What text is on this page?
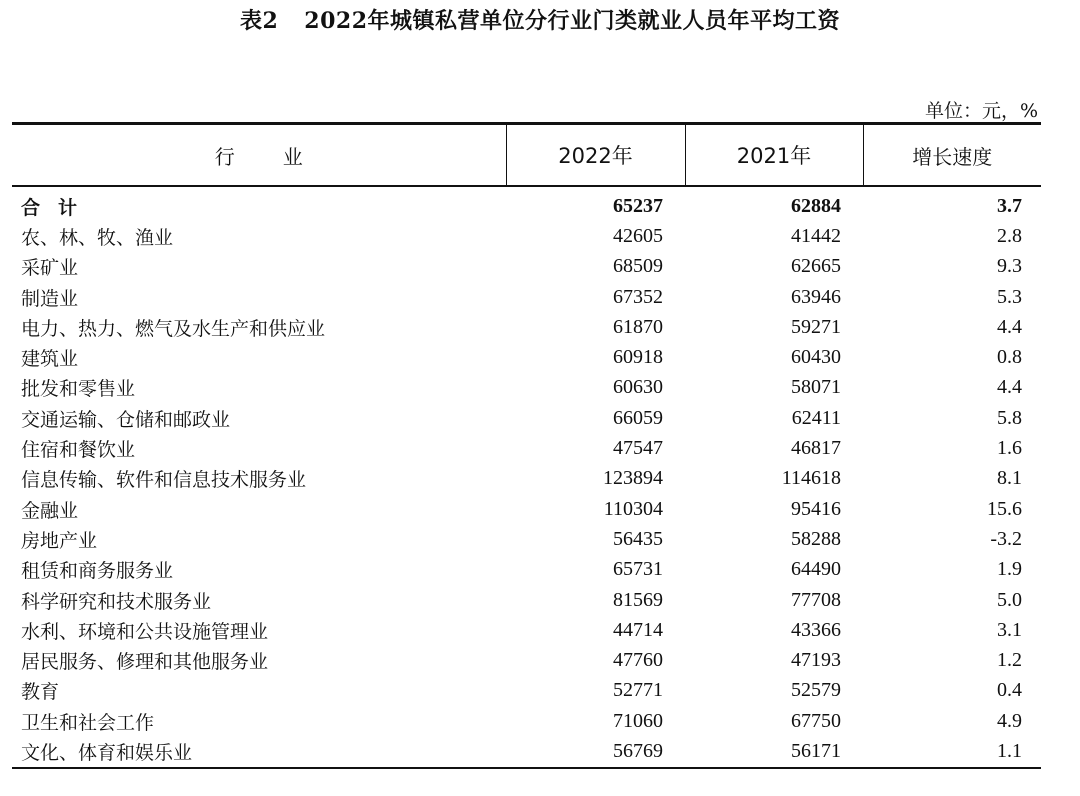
表2 2022年城镇私营单位分行业门类就业人员年平均工资
单位：元，%
行业	2022年	2021年	增长速度
合计	65237	62884	3.7
农、林、牧、渔业	42605	41442	2.8
采矿业	68509	62665	9.3
制造业	67352	63946	5.3
电力、热力、燃气及水生产和供应业	61870	59271	4.4
建筑业	60918	60430	0.8
批发和零售业	60630	58071	4.4
交通运输、仓储和邮政业	66059	62411	5.8
住宿和餐饮业	47547	46817	1.6
信息传输、软件和信息技术服务业	123894	114618	8.1
金融业	110304	95416	15.6
房地产业	56435	58288	-3.2
租赁和商务服务业	65731	64490	1.9
科学研究和技术服务业	81569	77708	5.0
水利、环境和公共设施管理业	44714	43366	3.1
居民服务、修理和其他服务业	47760	47193	1.2
教育	52771	52579	0.4
卫生和社会工作	71060	67750	4.9
文化、体育和娱乐业	56769	56171	1.1
